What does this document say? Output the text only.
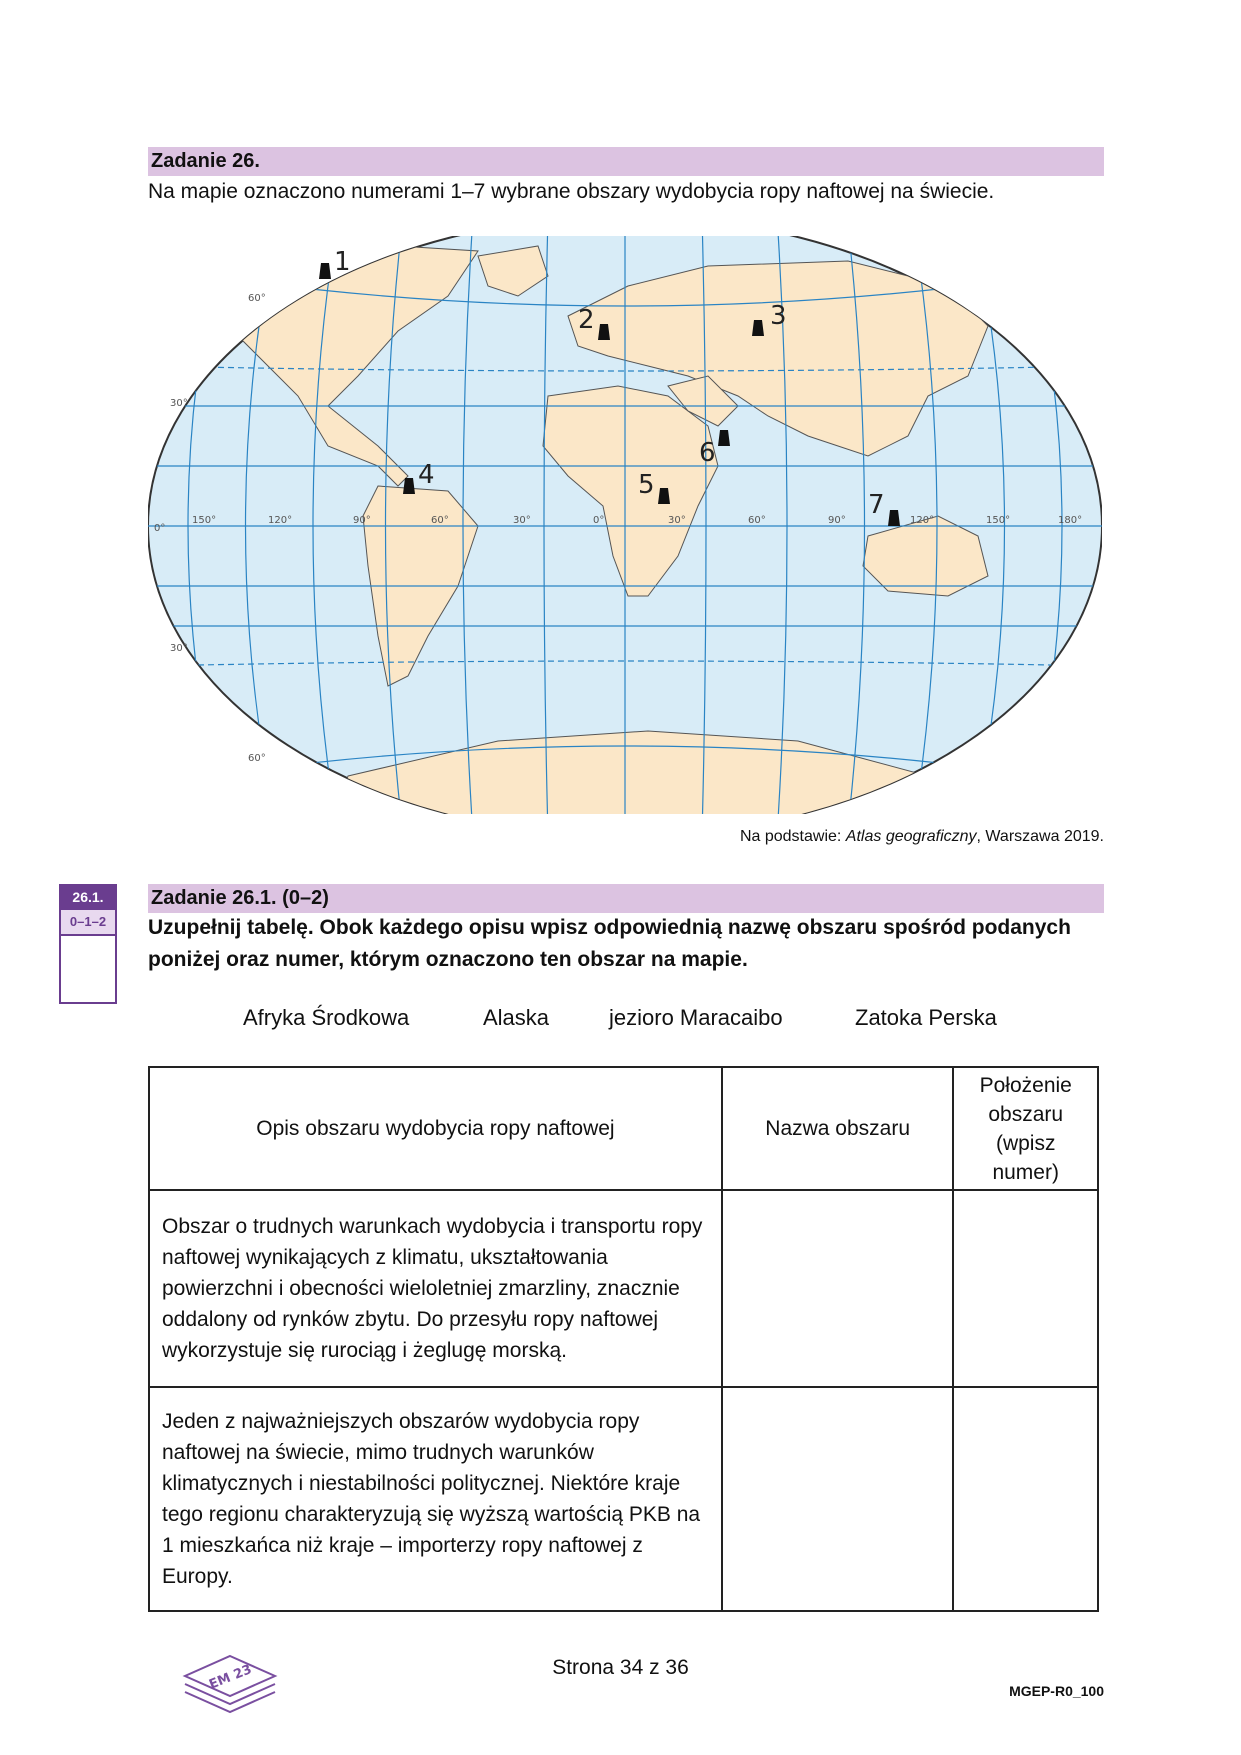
Zadanie 26.
Na mapie oznaczono numerami 1–7 wybrane obszary wydobycia ropy naftowej na świecie.
60°
30°
0°
30°
60°
150°	120°	90°	60°	30°	0°	30°	60°	90°	120°	150°	180°
1
2	3
4	5
6
7
Na podstawie: Atlas geograficzny, Warszawa 2019.
26.1.
0–1–2
Zadanie 26.1. (0–2)
Uzupełnij tabelę. Obok każdego opisu wpisz odpowiednią nazwę obszaru spośród podanych poniżej oraz numer, którym oznaczono ten obszar na mapie.
Afryka Środkowa	Alaska	jezioro Maracaibo	Zatoka Perska
Opis obszaru wydobycia ropy naftowej	Nazwa obszaru	Położenie obszaru (wpisz numer)
Obszar o trudnych warunkach wydobycia i transportu ropy naftowej wynikających z klimatu, ukształtowania powierzchni i obecności wieloletniej zmarzliny, znacznie oddalony od rynków zbytu. Do przesyłu ropy naftowej wykorzystuje się rurociąg i żeglugę morską.		
Jeden z najważniejszych obszarów wydobycia ropy naftowej na świecie, mimo trudnych warunków klimatycznych i niestabilności politycznej. Niektóre kraje tego regionu charakteryzują się wyższą wartością PKB na 1 mieszkańca niż kraje – importerzy ropy naftowej z Europy.		
EM 23	Strona 34 z 36
MGEP-R0_100
